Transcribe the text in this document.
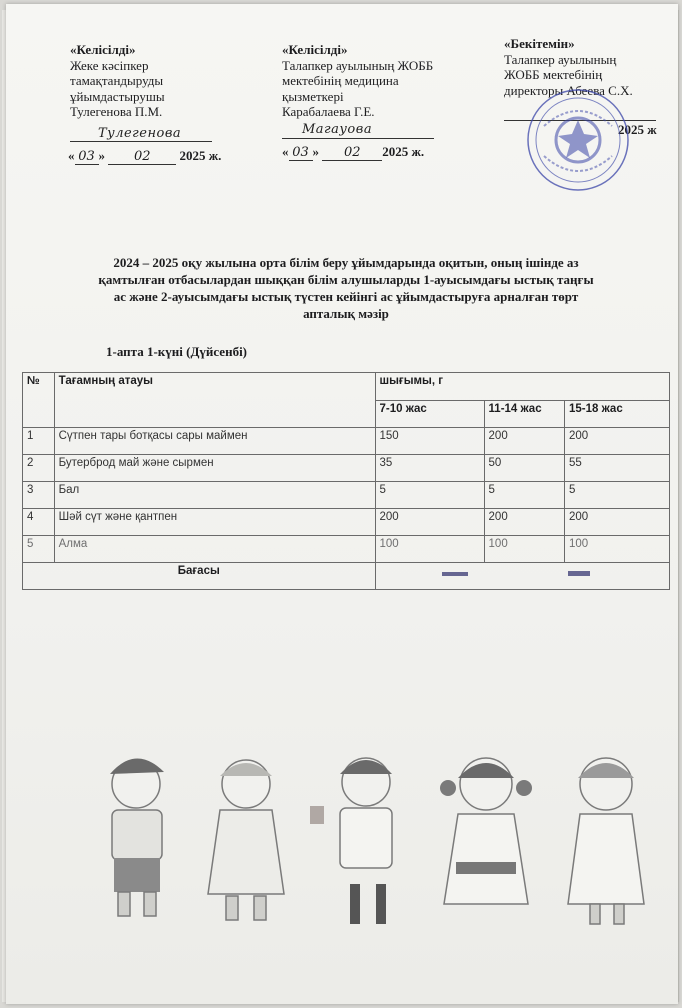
«Келісілді»
Жеке кәсіпкер
тамақтандыруды
ұйымдастырушы
Тулегенова П.М.
Тулегенова
« 03 » 02 2025 ж.
«Келісілді»
Талапкер ауылының ЖОББ
мектебінің медицина
қызметкері
Карабалаева Г.Е.
Магауова
« 03 » 02 2025 ж.
«Бекітемін»
Талапкер ауылының
ЖОББ мектебінің
директоры Абеева С.Х.
2025 ж
2024 – 2025 оқу жылына орта білім беру ұйымдарында оқитын, оның ішінде аз қамтылған отбасылардан шыққан білім алушыларды 1-ауысымдағы ыстық таңғы ас және 2-ауысымдағы ыстық түстен кейінгі ас ұйымдастыруға арналған төрт апталық мәзір
1-апта 1-күні (Дүйсенбі)
№	Тағамның атауы	шығымы, г		
		7-10 жас	11-14 жас	15-18 жас
1	Сүтпен тары ботқасы сары маймен	150	200	200
2	Бутерброд май және сырмен	35	50	55
3	Бал	5	5	5
4	Шәй сүт және қантпен	200	200	200
5	Алма	100	100	100
Бағасы	
